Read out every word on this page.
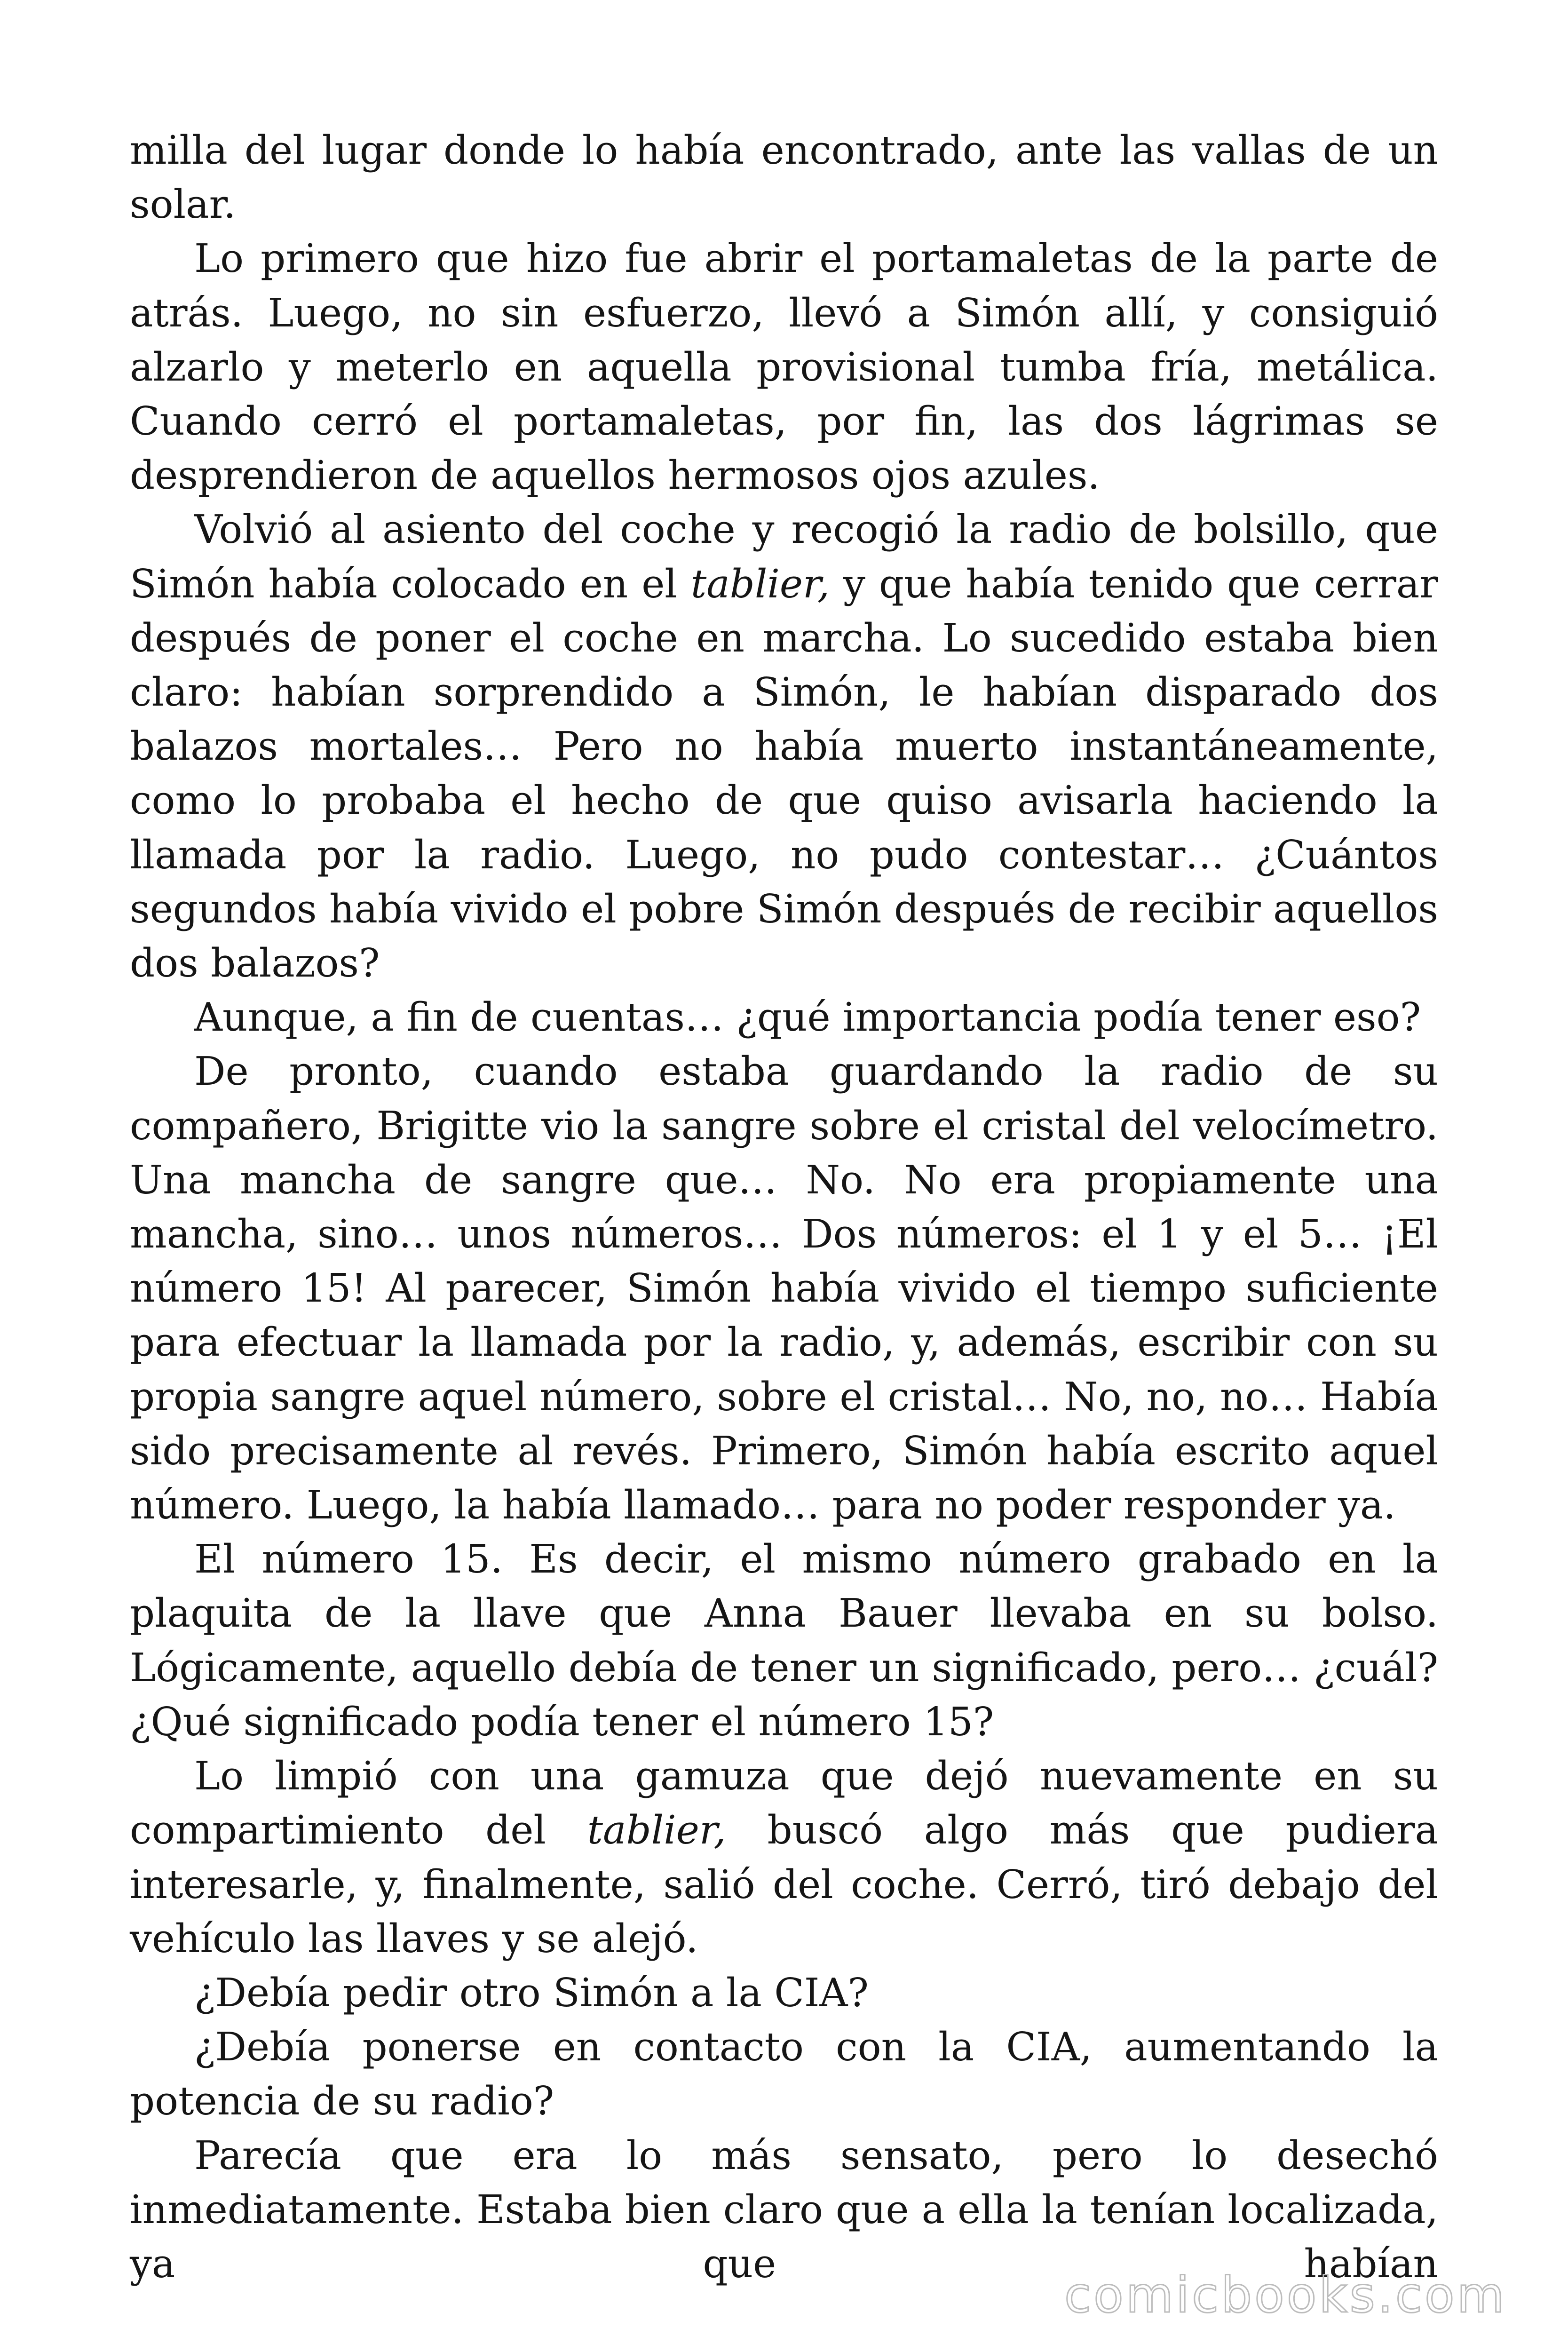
milla del lugar donde lo había encontrado, ante las vallas de un solar.

Lo primero que hizo fue abrir el portamaletas de la parte de atrás. Luego, no sin esfuerzo, llevó a Simón allí, y consiguió alzarlo y meterlo en aquella provisional tumba fría, metálica. Cuando cerró el portamaletas, por fin, las dos lágrimas se desprendieron de aquellos hermosos ojos azules.

Volvió al asiento del coche y recogió la radio de bolsillo, que Simón había colocado en el tablier, y que había tenido que cerrar después de poner el coche en marcha. Lo sucedido estaba bien claro: habían sorprendido a Simón, le habían disparado dos balazos mortales… Pero no había muerto instantáneamente, como lo probaba el hecho de que quiso avisarla haciendo la llamada por la radio. Luego, no pudo contestar… ¿Cuántos segundos había vivido el pobre Simón después de recibir aquellos dos balazos?

Aunque, a fin de cuentas… ¿qué importancia podía tener eso?

De pronto, cuando estaba guardando la radio de su compañero, Brigitte vio la sangre sobre el cristal del velocímetro. Una mancha de sangre que… No. No era propiamente una mancha, sino… unos números… Dos números: el 1 y el 5… ¡El número 15! Al parecer, Simón había vivido el tiempo suficiente para efectuar la llamada por la radio, y, además, escribir con su propia sangre aquel número, sobre el cristal… No, no, no… Había sido precisamente al revés. Primero, Simón había escrito aquel número. Luego, la había llamado… para no poder responder ya.

El número 15. Es decir, el mismo número grabado en la plaquita de la llave que Anna Bauer llevaba en su bolso. Lógicamente, aquello debía de tener un significado, pero… ¿cuál? ¿Qué significado podía tener el número 15?

Lo limpió con una gamuza que dejó nuevamente en su compartimiento del tablier, buscó algo más que pudiera interesarle, y, finalmente, salió del coche. Cerró, tiró debajo del vehículo las llaves y se alejó.

¿Debía pedir otro Simón a la CIA?

¿Debía ponerse en contacto con la CIA, aumentando la potencia de su radio?

Parecía que era lo más sensato, pero lo desechó inmediatamente. Estaba bien claro que a ella la tenían localizada, ya que habían

comicbooks.com
